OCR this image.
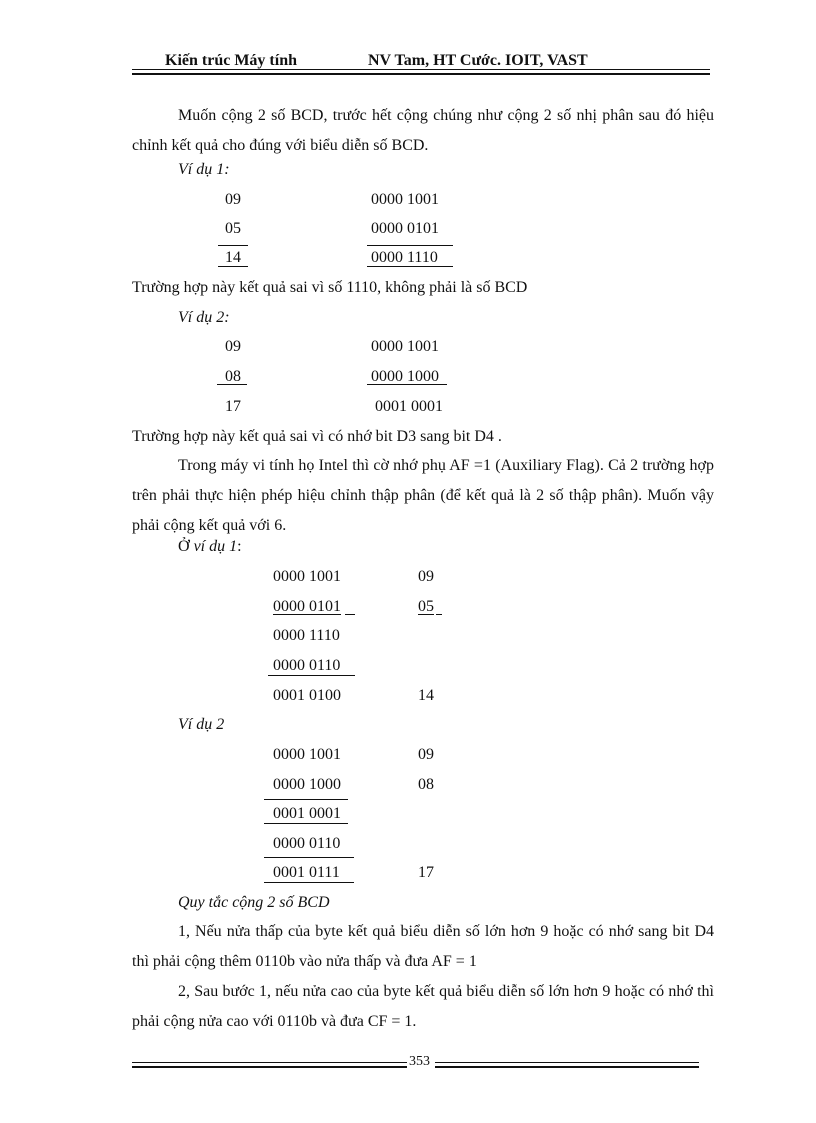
Kiến trúc Máy tính	NV Tam, HT Cước. IOIT, VAST
Muốn cộng 2 số BCD, trước hết cộng chúng như cộng 2 số nhị phân sau đó hiệu chỉnh kết quả cho đúng với biểu diễn số BCD.
Ví dụ 1:
09	0000 1001
05	0000 0101
14	0000 1110
Trường hợp này kết quả sai vì số 1110, không phải là số BCD
Ví dụ 2:
09	0000 1001
08	0000 1000
17	0001 0001
Trường hợp này kết quả sai vì có nhớ bit D3 sang bit D4 .
Trong máy vi tính họ Intel thì cờ nhớ phụ AF =1 (Auxiliary Flag). Cả 2 trường hợp trên phải thực hiện phép hiệu chỉnh thập phân (để kết quả là 2 số thập phân). Muốn vậy phải cộng kết quả với 6.
Ở ví dụ 1:
0000 1001	09
0000 0101	05
0000 1110
0000 0110
0001 0100	14
Ví dụ 2
0000 1001	09
0000 1000	08
0001 0001
0000 0110
0001 0111	17
Quy tắc cộng 2 số BCD
1, Nếu nửa thấp của byte kết quả biểu diễn số lớn hơn 9 hoặc có nhớ sang bit D4 thì phải cộng thêm 0110b vào nửa thấp và đưa AF = 1
2, Sau bước 1, nếu nửa cao của byte kết quả biểu diễn số lớn hơn 9 hoặc có nhớ thì phải cộng nửa cao với 0110b và đưa CF = 1.
353
